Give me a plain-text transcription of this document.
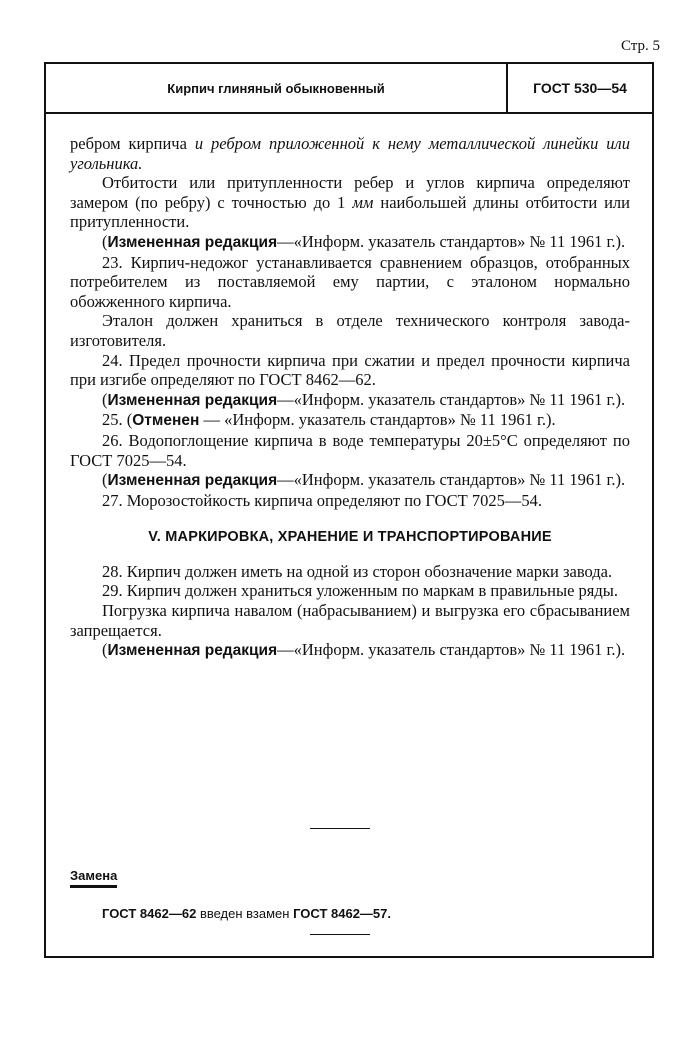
Стр. 5
Кирпич глиняный обыкновенный	ГОСТ 530—54

ребром кирпича и ребром приложенной к нему металлической линейки или угольника.

Отбитости или притупленности ребер и углов кирпича определяют замером (по ребру) с точностью до 1 мм наибольшей длины отбитости или притупленности.

(Измененная редакция—«Информ. указатель стандартов» № 11 1961 г.).

23. Кирпич-недожог устанавливается сравнением образцов, отобранных потребителем из поставляемой ему партии, с эталоном нормально обожженного кирпича.

Эталон должен храниться в отделе технического контроля завода-изготовителя.

24. Предел прочности кирпича при сжатии и предел прочности кирпича при изгибе определяют по ГОСТ 8462—62.

(Измененная редакция—«Информ. указатель стандартов» № 11 1961 г.).

25. (Отменен — «Информ. указатель стандартов» № 11 1961 г.).

26. Водопоглощение кирпича в воде температуры 20±5°С определяют по ГОСТ 7025—54.

(Измененная редакция—«Информ. указатель стандартов» № 11 1961 г.).

27. Морозостойкость кирпича определяют по ГОСТ 7025—54.

V. МАРКИРОВКА, ХРАНЕНИЕ И ТРАНСПОРТИРОВАНИЕ

28. Кирпич должен иметь на одной из сторон обозначение марки завода.

29. Кирпич должен храниться уложенным по маркам в правильные ряды.

Погрузка кирпича навалом (набрасыванием) и выгрузка его сбрасыванием запрещается.

(Измененная редакция—«Информ. указатель стандартов» № 11 1961 г.).

Замена
ГОСТ 8462—62 введен взамен ГОСТ 8462—57.
